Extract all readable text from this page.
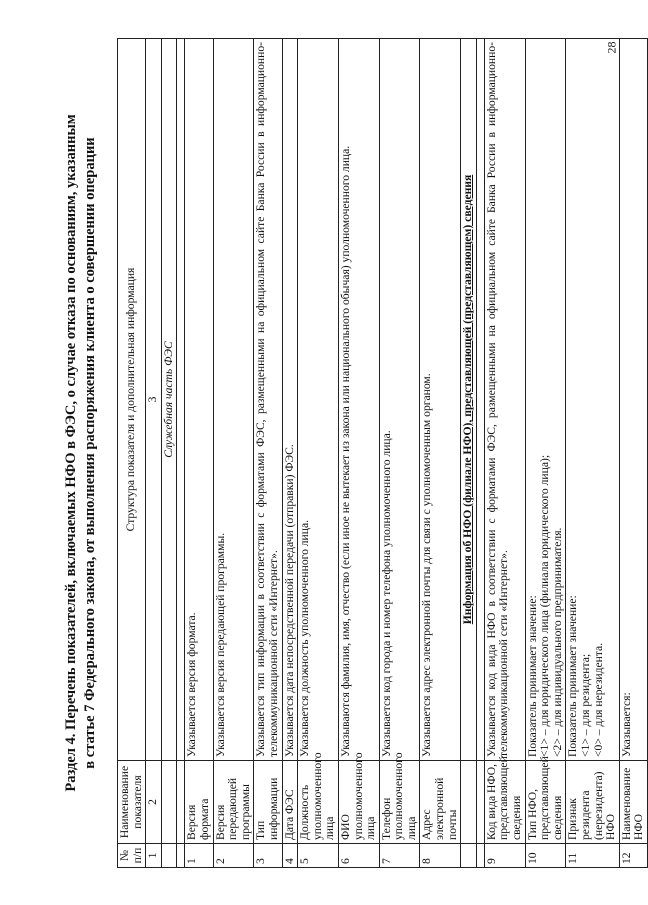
28
Раздел 4. Перечень показателей, включаемых НФО в ФЭС, о случае отказа по основаниям, указанным в статье 7 Федерального закона, от выполнения распоряжения клиента о совершении операции
№ п/п	Наименование показателя	Структура показателя и дополнительная информация
1	2	3
		Служебная часть ФЭС

1	Версия формата	Указывается версия формата.
2	Версия передающей программы	Указывается версия передающей программы.
3	Тип информации	Указывается тип информации в соответствии с форматами ФЭС, размещенными на официальном сайте Банка России в информационно-телекоммуникационной сети «Интернет».
4	Дата ФЭС	Указывается дата непосредственной передачи (отправки) ФЭС.
5	Должность уполномоченного лица	Указывается должность уполномоченного лица.
6	ФИО уполномоченного лица	Указываются фамилия, имя, отчество (если иное не вытекает из закона или национального обычая) уполномоченного лица.
7	Телефон уполномоченного лица	Указывается код города и номер телефона уполномоченного лица.
8	Адрес электронной почты	Указывается адрес электронной почты для связи с уполномоченным органом.
		Информация об НФО (филиале НФО), представляющей (представляющем) сведения

9	Код вида НФО, представляющей сведения	Указывается код вида НФО в соответствии с форматами ФЭС, размещенными на официальном сайте Банка России в информационно-телекоммуникационной сети «Интернет».

10	Тип НФО, представляющей сведения	Показатель принимает значение: <1> – для юридического лица (филиала юридического лица); <2> – для индивидуального предпринимателя.

11	Признак резидента (нерезидента) НФО	Показатель принимает значение: <1> – для резидента; <0> – для нерезидента.

12	Наименование НФО	Указывается:
